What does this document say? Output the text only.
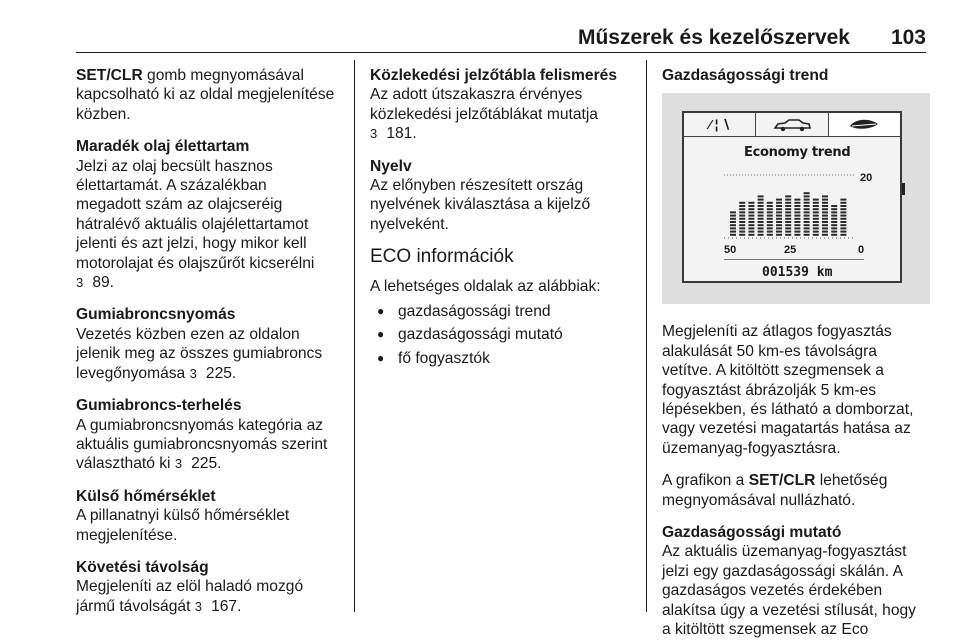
Műszerek és kezelőszervek 103
SET/CLR gomb megnyomásával
kapcsolható ki az oldal megjelenítése
közben.
Maradék olaj élettartam
Jelzi az olaj becsült hasznos
élettartamát. A százalékban
megadott szám az olajcseréig
hátralévő aktuális olajélettartamot
jelenti és azt jelzi, hogy mikor kell
motorolajat és olajszűrőt kicserélni
3 89.
Gumiabroncsnyomás
Vezetés közben ezen az oldalon
jelenik meg az összes gumiabroncs
levegőnyomása 3 225.
Gumiabroncs-terhelés
A gumiabroncsnyomás kategória az
aktuális gumiabroncsnyomás szerint
választható ki 3 225.
Külső hőmérséklet
A pillanatnyi külső hőmérséklet
megjelenítése.
Követési távolság
Megjeleníti az elöl haladó mozgó
jármű távolságát 3 167.
Közlekedési jelzőtábla felismerés
Az adott útszakaszra érvényes
közlekedési jelzőtáblákat mutatja
3 181.
Nyelv
Az előnyben részesített ország
nyelvének kiválasztása a kijelző
nyelveként.
ECO információk
A lehetséges oldalak az alábbiak:
● gazdaságossági trend
● gazdaságossági mutató
● fő fogyasztók
Gazdaságossági trend
⁄ ¦ ∖
Economy trend
20
50	25	0
001539 km
Megjeleníti az átlagos fogyasztás
alakulását 50 km-es távolságra
vetítve. A kitöltött szegmensek a
fogyasztást ábrázolják 5 km-es
lépésekben, és látható a domborzat,
vagy vezetési magatartás hatása az
üzemanyag-fogyasztásra.
A grafikon a SET/CLR lehetőség
megnyomásával nullázható.
Gazdaságossági mutató
Az aktuális üzemanyag-fogyasztást
jelzi egy gazdaságossági skálán. A
gazdaságos vezetés érdekében
alakítsa úgy a vezetési stílusát, hogy
a kitöltött szegmensek az Eco
